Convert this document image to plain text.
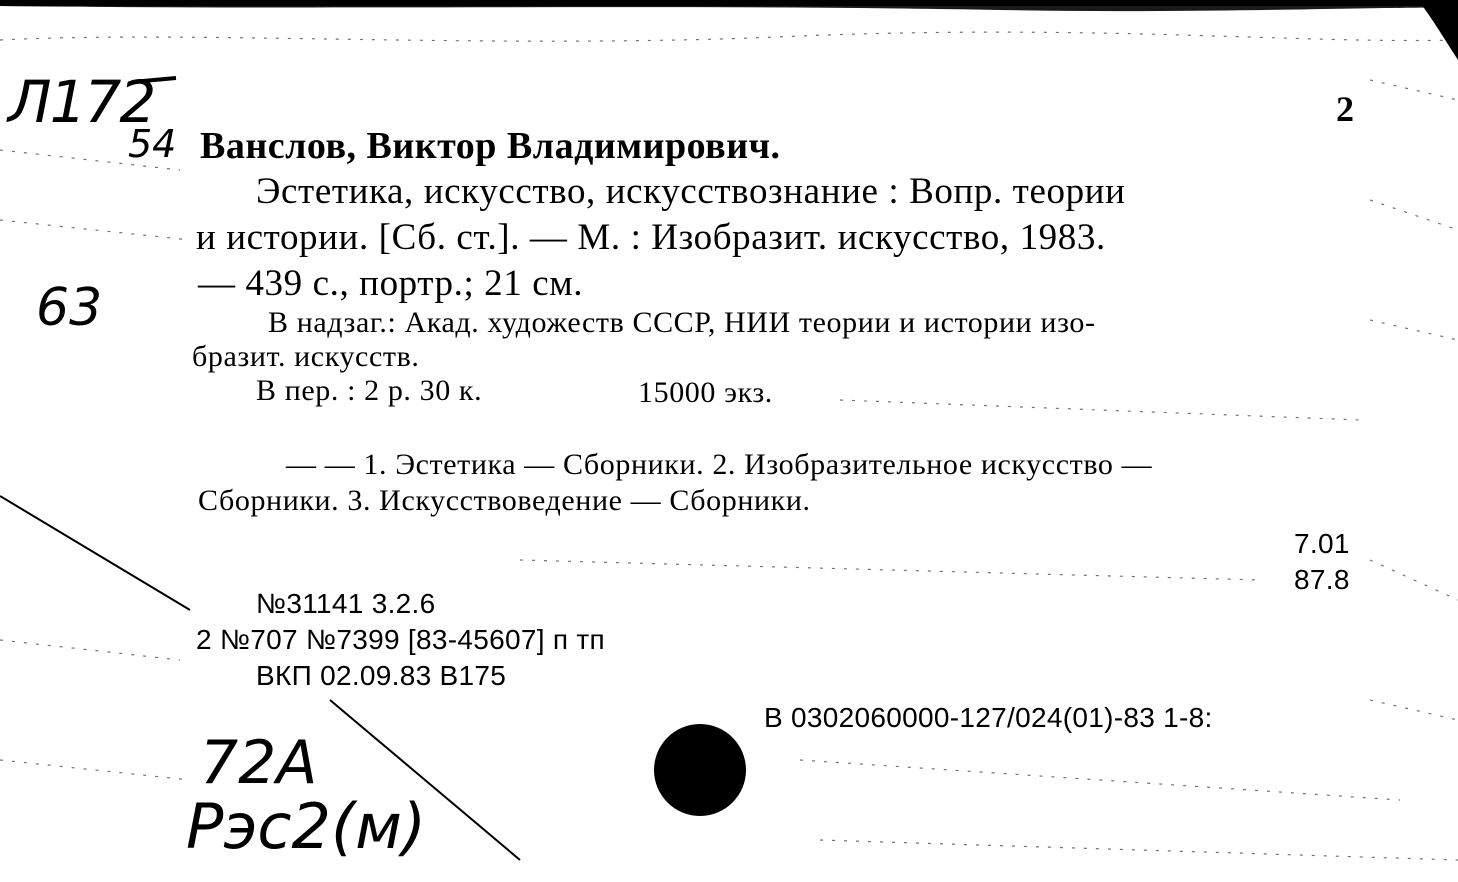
Л172
54
63
72А
Рэс2(м)
2
Ванслов, Виктор Владимирович.
Эстетика, искусство, искусствознание : Вопр. теории
и истории. [Сб. ст.]. — М. : Изобразит. искусство, 1983.
— 439 с., портр.; 21 см.
В надзаг.: Акад. художеств СССР, НИИ теории и истории изо-
бразит. искусств.
В пер. : 2 р. 30 к.	15000 экз.
— — 1. Эстетика — Сборники. 2. Изобразительное искусство —
Сборники. 3. Искусствоведение — Сборники.
7.01
87.8
№31141 3.2.6
2 №707 №7399 [83-45607] п тп
ВКП 02.09.83 В175
В 0302060000-127/024(01)-83 1-8:
